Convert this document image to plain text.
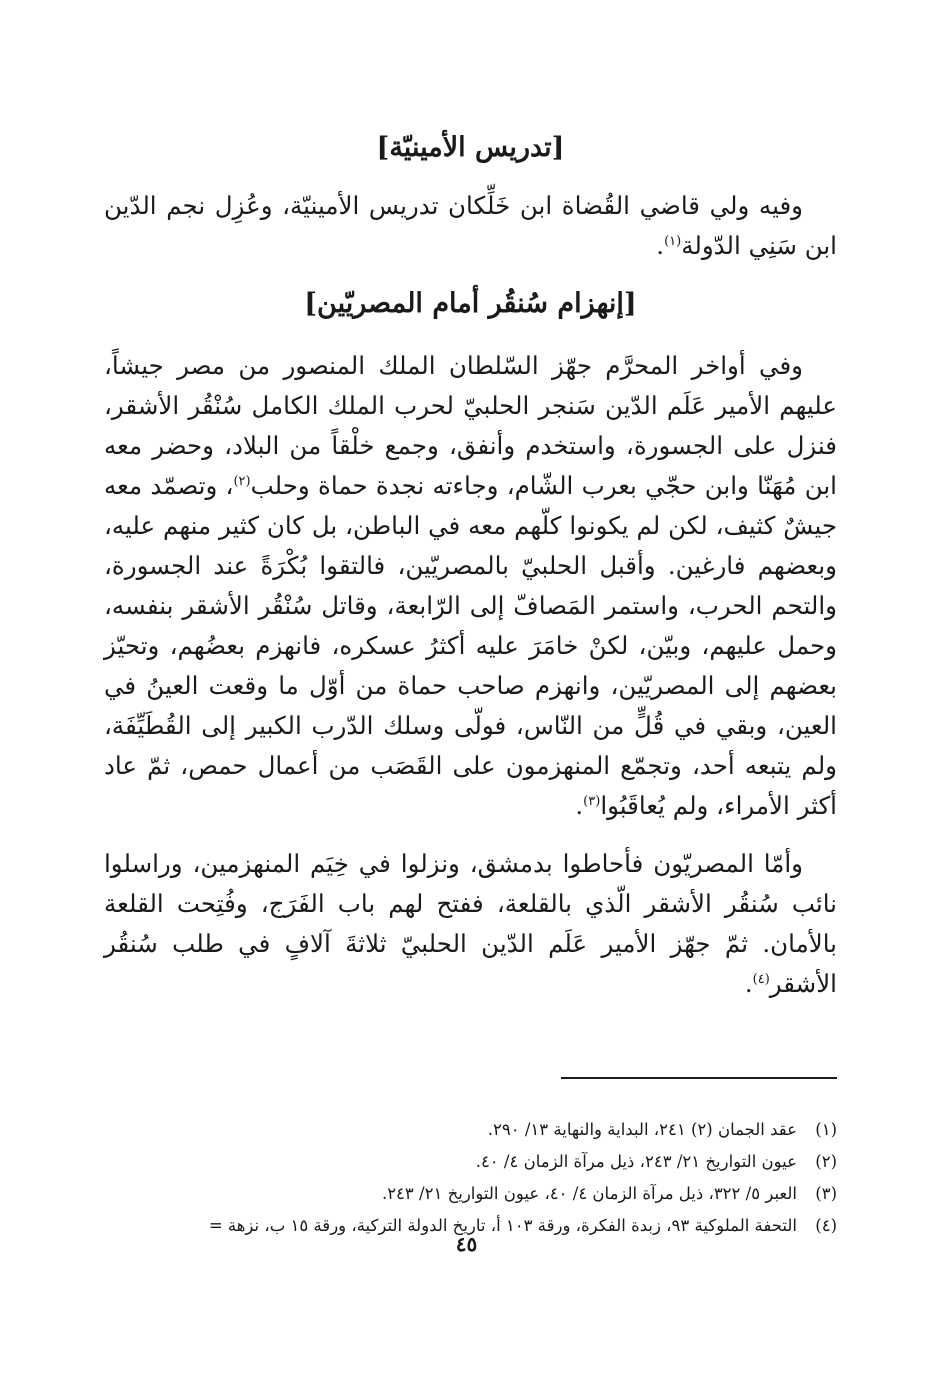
[تدريس الأمينيّة]

وفيه ولي قاضي القُضاة ابن خَلِّكان تدريس الأمينيّة، وعُزِل نجم الدّين ابن سَنِي الدّولة$^{(١)}$.

[إنهزام سُنقُر أمام المصريّين]

وفي أواخر المحرَّم جهّز السّلطان الملك المنصور من مصر جيشاً، عليهم الأمير عَلَم الدّين سَنجر الحلبيّ لحرب الملك الكامل سُنْقُر الأشقر، فنزل على الجسورة، واستخدم وأنفق، وجمع خلْقاً من البلاد، وحضر معه ابن مُهَنّا وابن حجّي بعرب الشّام، وجاءته نجدة حماة وحلب$^{(٢)}$، وتصمّد معه جيشٌ كثيف، لكن لم يكونوا كلّهم معه في الباطن، بل كان كثير منهم عليه، وبعضهم فارغين. وأقبل الحلبيّ بالمصريّين، فالتقوا بُكْرَةً عند الجسورة، والتحم الحرب، واستمر المَصافّ إلى الرّابعة، وقاتل سُنْقُر الأشقر بنفسه، وحمل عليهم، وبيّن، لكنْ خامَرَ عليه أكثرُ عسكره، فانهزم بعضُهم، وتحيّز بعضهم إلى المصريّين، وانهزم صاحب حماة من أوّل ما وقعت العينُ في العين، وبقي في قُلٍّ من النّاس، فولّى وسلك الدّرب الكبير إلى القُطَيِّفَة، ولم يتبعه أحد، وتجمّع المنهزمون على القَصَب من أعمال حمص، ثمّ عاد أكثر الأمراء، ولم يُعاقَبُوا$^{(٣)}$.

وأمّا المصريّون فأحاطوا بدمشق، ونزلوا في خِيَم المنهزمين، وراسلوا نائب سُنقُر الأشقر الّذي بالقلعة، ففتح لهم باب الفَرَج، وفُتِحت القلعة بالأمان. ثمّ جهّز الأمير عَلَم الدّين الحلبيّ ثلاثةَ آلافٍ في طلب سُنقُر الأشقر$^{(٤)}$.

(١)
عقد الجمان (٢) ٢٤١، البداية والنهاية ١٣/ ٢٩٠.
(٢)
عيون التواريخ ٢١/ ٢٤٣، ذيل مرآة الزمان ٤/ ٤٠.
(٣)
العبر ٥/ ٣٢٢، ذيل مرآة الزمان ٤/ ٤٠، عيون التواريخ ٢١/ ٢٤٣.
(٤)
التحفة الملوكية ٩٣، زبدة الفكرة، ورقة ١٠٣ أ، تاريخ الدولة التركية، ورقة ١٥ ب، نزهة =
٤٥
